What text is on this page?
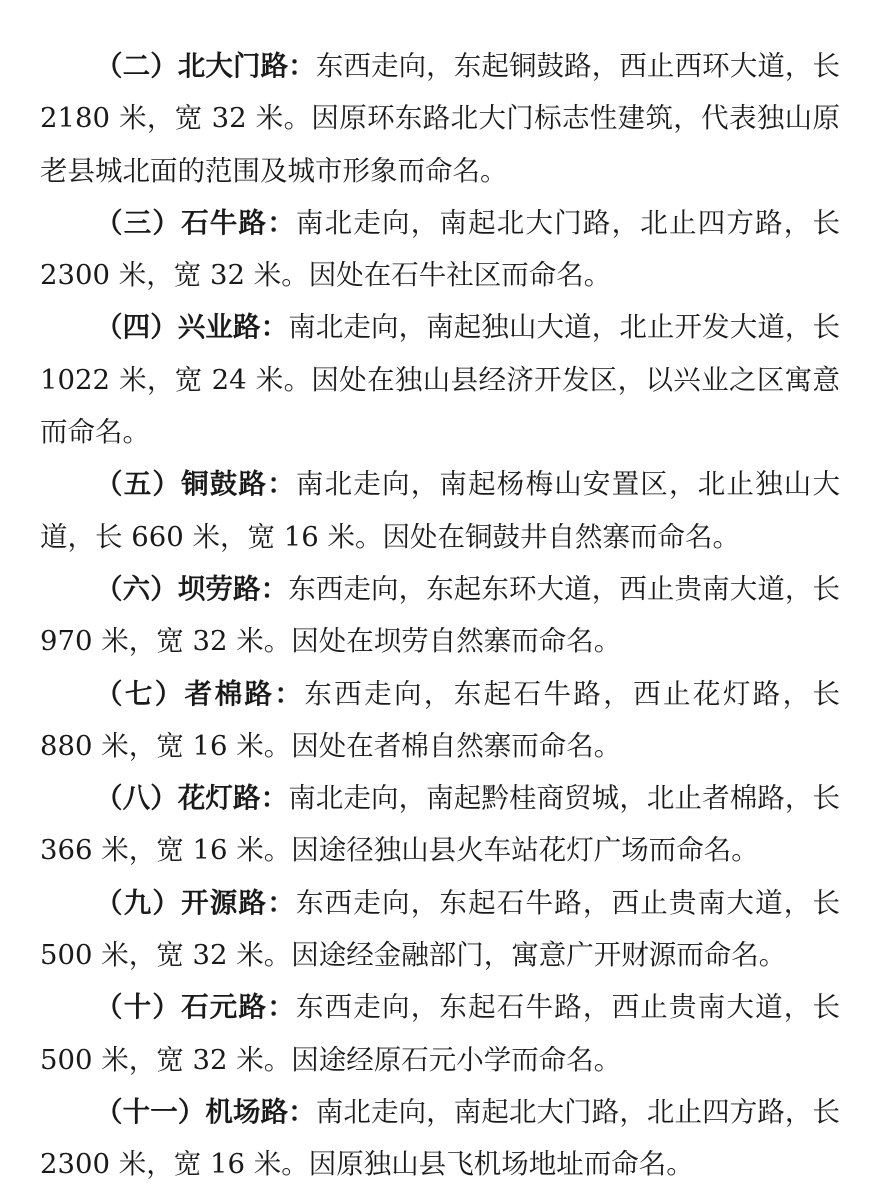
（二）北大门路：东西走向，东起铜鼓路，西止西环大道，长 2180 米，宽 32 米。因原环东路北大门标志性建筑，代表独山原老县城北面的范围及城市形象而命名。

（三）石牛路：南北走向，南起北大门路，北止四方路，长 2300 米，宽 32 米。因处在石牛社区而命名。

（四）兴业路：南北走向，南起独山大道，北止开发大道，长 1022 米，宽 24 米。因处在独山县经济开发区，以兴业之区寓意而命名。

（五）铜鼓路：南北走向，南起杨梅山安置区，北止独山大道，长 660 米，宽 16 米。因处在铜鼓井自然寨而命名。

（六）坝劳路：东西走向，东起东环大道，西止贵南大道，长 970 米，宽 32 米。因处在坝劳自然寨而命名。

（七）者棉路：东西走向，东起石牛路，西止花灯路，长 880 米，宽 16 米。因处在者棉自然寨而命名。

（八）花灯路：南北走向，南起黔桂商贸城，北止者棉路，长 366 米，宽 16 米。因途径独山县火车站花灯广场而命名。

（九）开源路：东西走向，东起石牛路，西止贵南大道，长 500 米，宽 32 米。因途经金融部门，寓意广开财源而命名。

（十）石元路：东西走向，东起石牛路，西止贵南大道，长 500 米，宽 32 米。因途经原石元小学而命名。

（十一）机场路：南北走向，南起北大门路，北止四方路，长 2300 米，宽 16 米。因原独山县飞机场地址而命名。
